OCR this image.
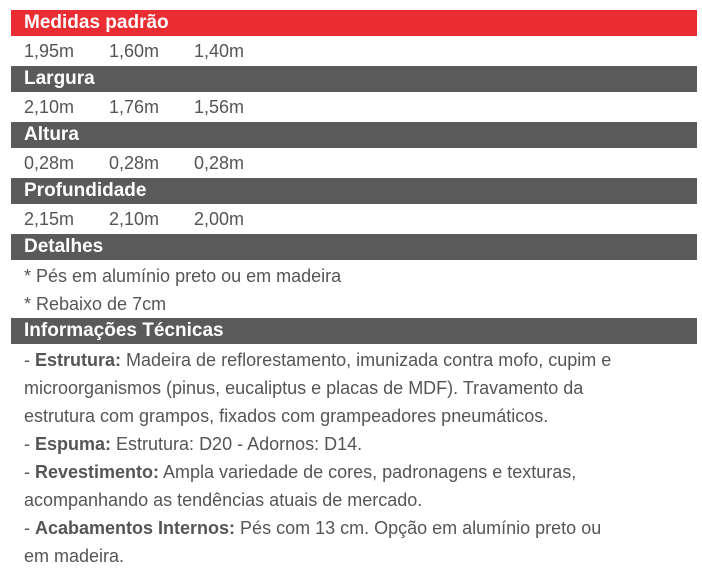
Medidas padrão
1,95m 1,60m 1,40m
Largura
2,10m 1,76m 1,56m
Altura
0,28m 0,28m 0,28m
Profundidade
2,15m 2,10m 2,00m
Detalhes
* Pés em alumínio preto ou em madeira
* Rebaixo de 7cm
Informações Técnicas
- Estrutura: Madeira de reflorestamento, imunizada contra mofo, cupim e
microorganismos (pinus, eucaliptus e placas de MDF). Travamento da
estrutura com grampos, fixados com grampeadores pneumáticos.
- Espuma: Estrutura: D20 - Adornos: D14.
- Revestimento: Ampla variedade de cores, padronagens e texturas,
acompanhando as tendências atuais de mercado.
- Acabamentos Internos: Pés com 13 cm. Opção em alumínio preto ou
em madeira.
